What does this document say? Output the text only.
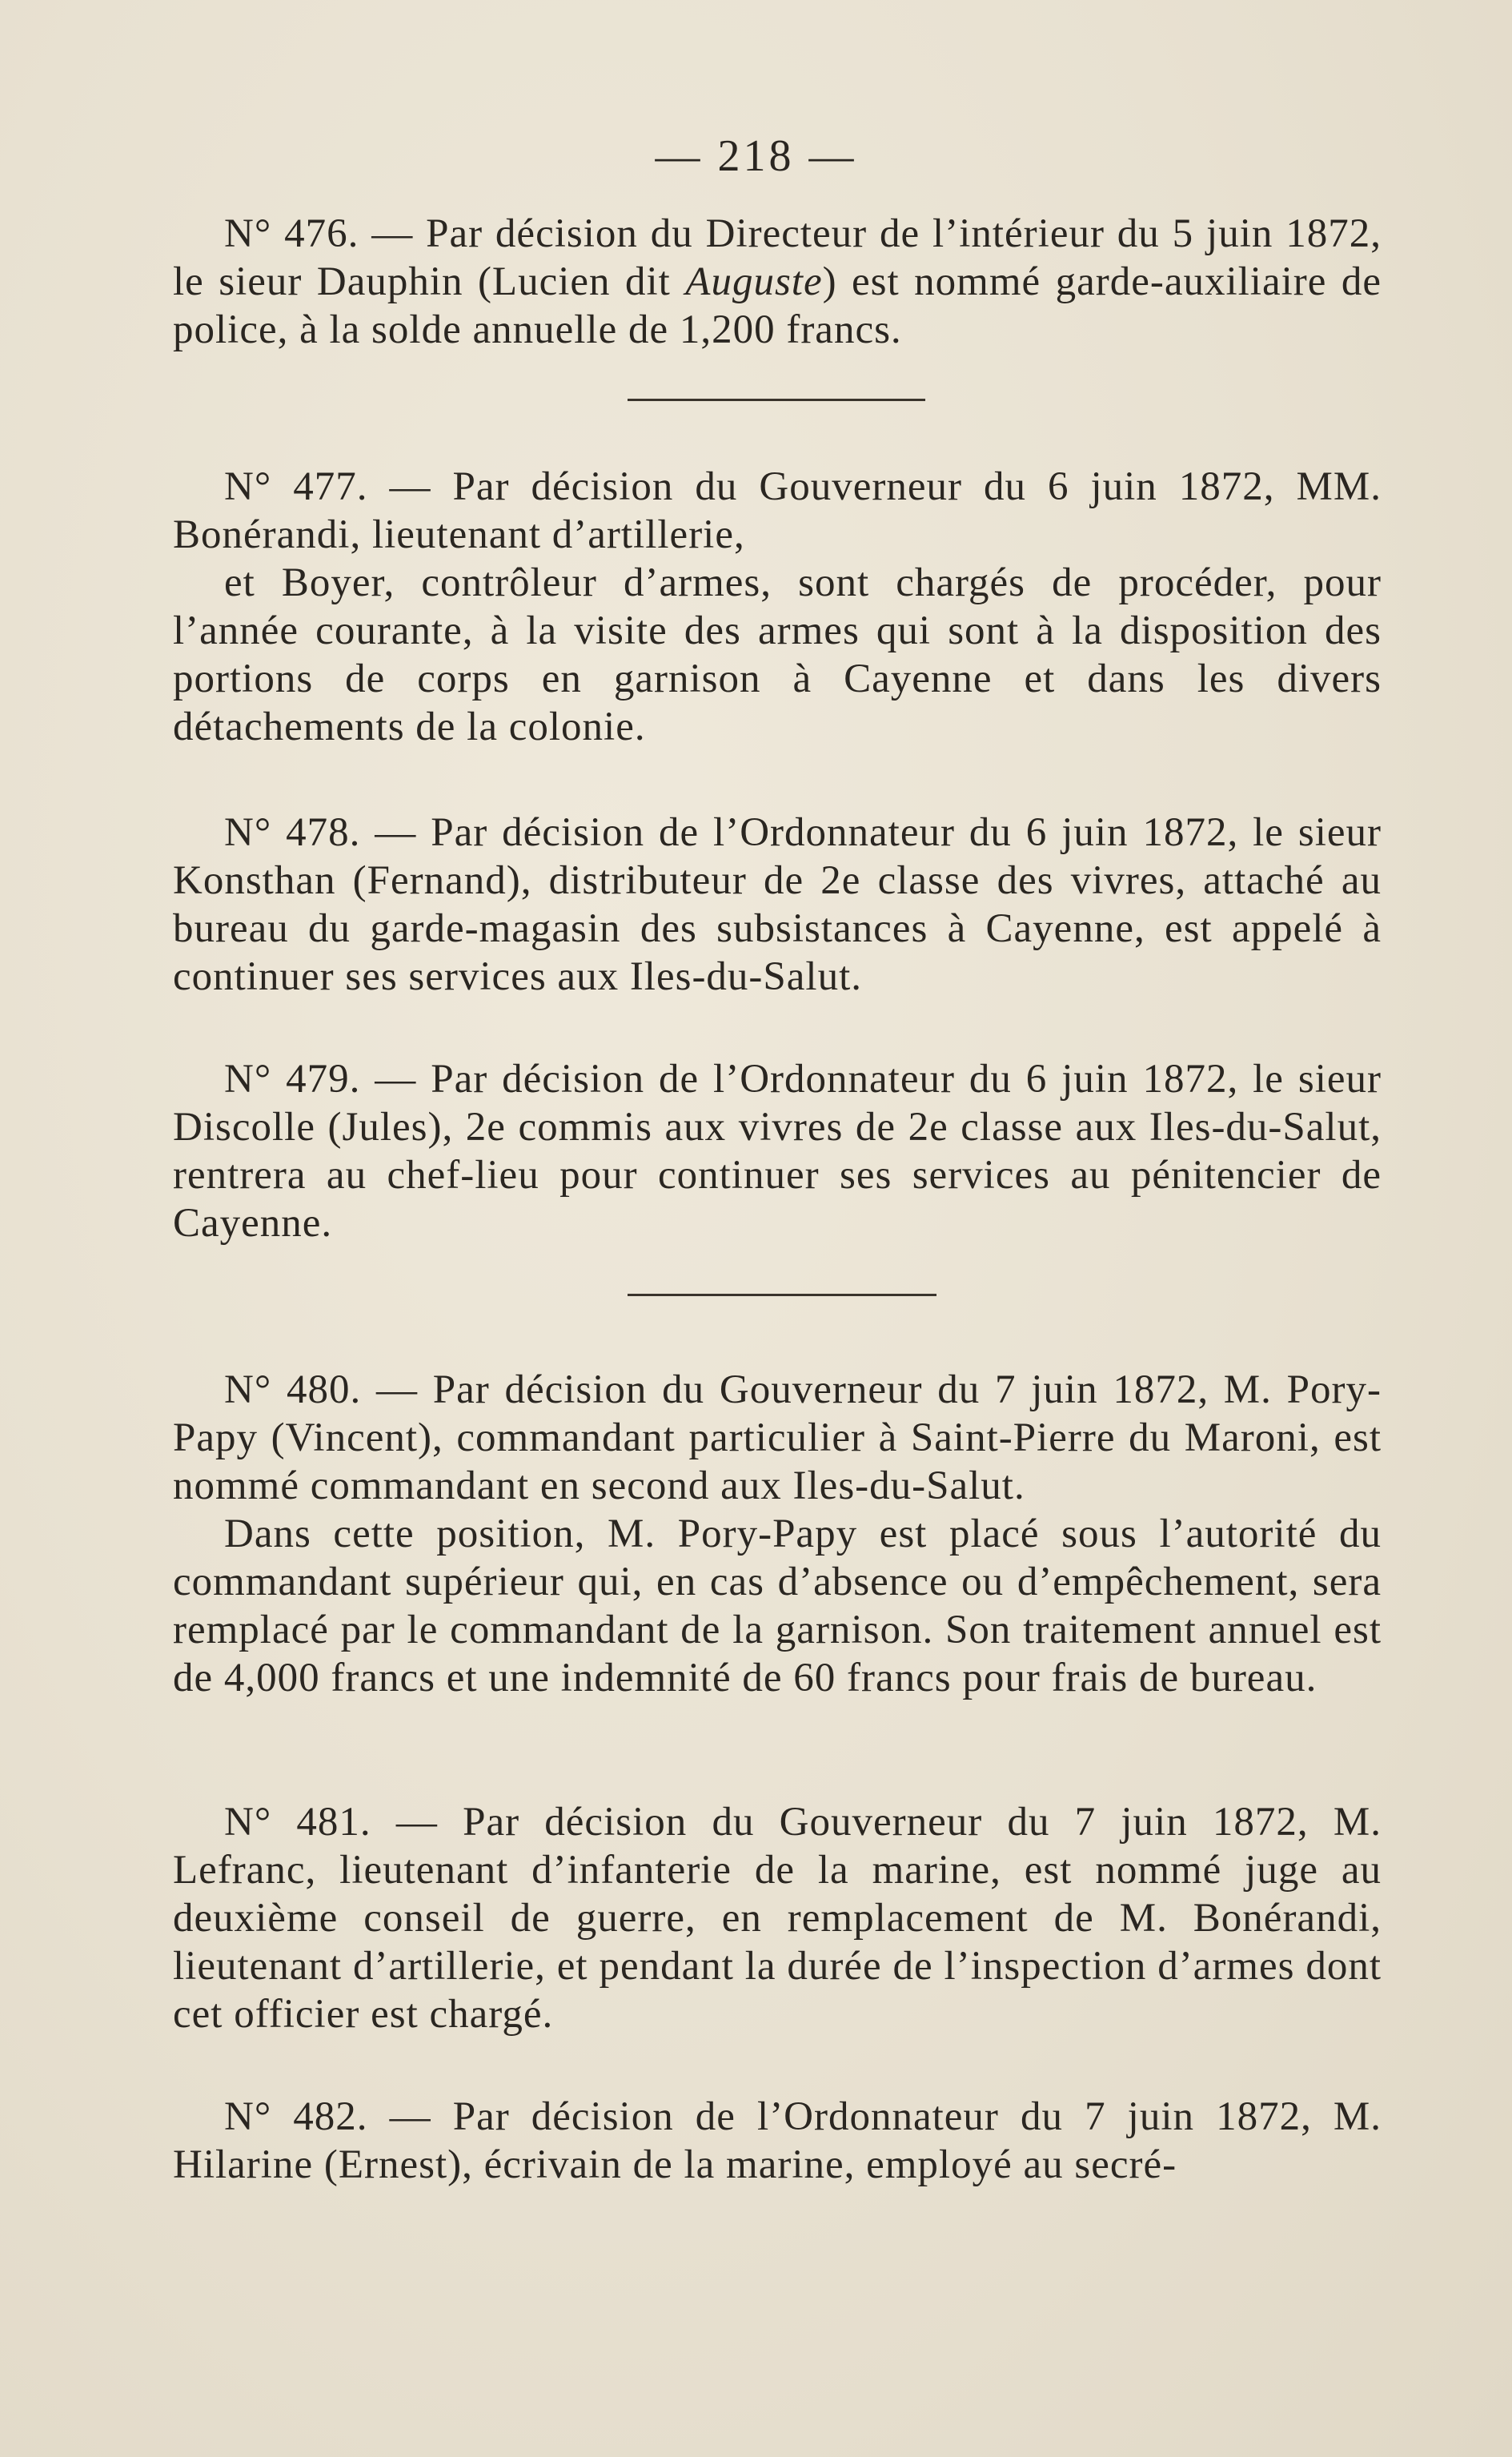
— 218 —

N° 476. — Par décision du Directeur de l’intérieur du 5 juin 1872, le sieur Dauphin (Lucien dit Auguste) est nommé garde-auxiliaire de police, à la solde annuelle de 1,200 francs.

N° 477. — Par décision du Gouverneur du 6 juin 1872, MM. Bonérandi, lieutenant d’artillerie,

et Boyer, contrôleur d’armes, sont chargés de procéder, pour l’année courante, à la visite des armes qui sont à la disposition des portions de corps en garnison à Cayenne et dans les divers détachements de la colonie.

N° 478. — Par décision de l’Ordonnateur du 6 juin 1872, le sieur Konsthan (Fernand), distributeur de 2e classe des vivres, attaché au bureau du garde-magasin des subsistances à Cayenne, est appelé à continuer ses services aux Iles-du-Salut.

N° 479. — Par décision de l’Ordonnateur du 6 juin 1872, le sieur Discolle (Jules), 2e commis aux vivres de 2e classe aux Iles-du-Salut, rentrera au chef-lieu pour continuer ses services au pénitencier de Cayenne.

N° 480. — Par décision du Gouverneur du 7 juin 1872, M. Pory-Papy (Vincent), commandant particulier à Saint-Pierre du Maroni, est nommé commandant en second aux Iles-du-Salut.

Dans cette position, M. Pory-Papy est placé sous l’autorité du commandant supérieur qui, en cas d’absence ou d’empêchement, sera remplacé par le commandant de la garnison. Son traitement annuel est de 4,000 francs et une indemnité de 60 francs pour frais de bureau.

N° 481. — Par décision du Gouverneur du 7 juin 1872, M. Lefranc, lieutenant d’infanterie de la marine, est nommé juge au deuxième conseil de guerre, en remplacement de M. Bonérandi, lieutenant d’artillerie, et pendant la durée de l’inspection d’armes dont cet officier est chargé.

N° 482. — Par décision de l’Ordonnateur du 7 juin 1872, M. Hilarine (Ernest), écrivain de la marine, employé au secré-
